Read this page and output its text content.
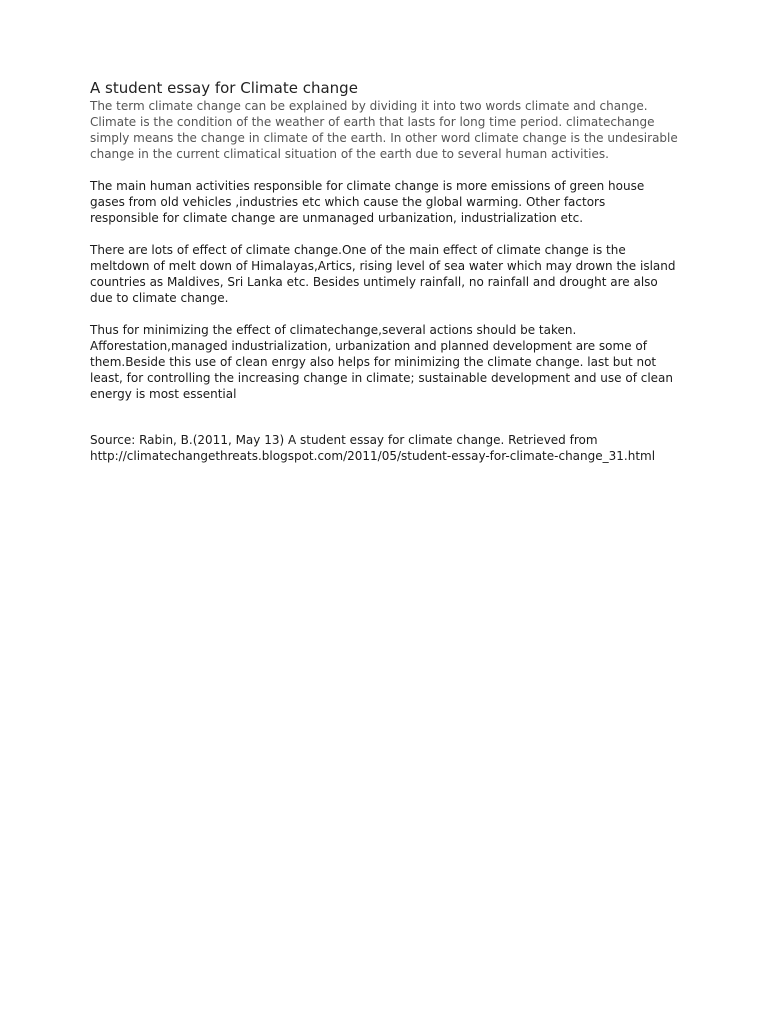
A student essay for Climate change

The term climate change can be explained by dividing it into two words climate and change.
Climate is the condition of the weather of earth that lasts for long time period. climatechange
simply means the change in climate of the earth. In other word climate change is the undesirable
change in the current climatical situation of the earth due to several human activities.

The main human activities responsible for climate change is more emissions of green house
gases from old vehicles ,industries etc which cause the global warming. Other factors
responsible for climate change are unmanaged urbanization, industrialization etc.

There are lots of effect of climate change.One of the main effect of climate change is the
meltdown of melt down of Himalayas,Artics, rising level of sea water which may drown the island
countries as Maldives, Sri Lanka etc. Besides untimely rainfall, no rainfall and drought are also
due to climate change.

Thus for minimizing the effect of climatechange,several actions should be taken.
Afforestation,managed industrialization, urbanization and planned development are some of
them.Beside this use of clean enrgy also helps for minimizing the climate change. last but not
least, for controlling the increasing change in climate; sustainable development and use of clean
energy is most essential

Source: Rabin, B.(2011, May 13) A student essay for climate change. Retrieved from
http://climatechangethreats.blogspot.com/2011/05/student-essay-for-climate-change_31.html
